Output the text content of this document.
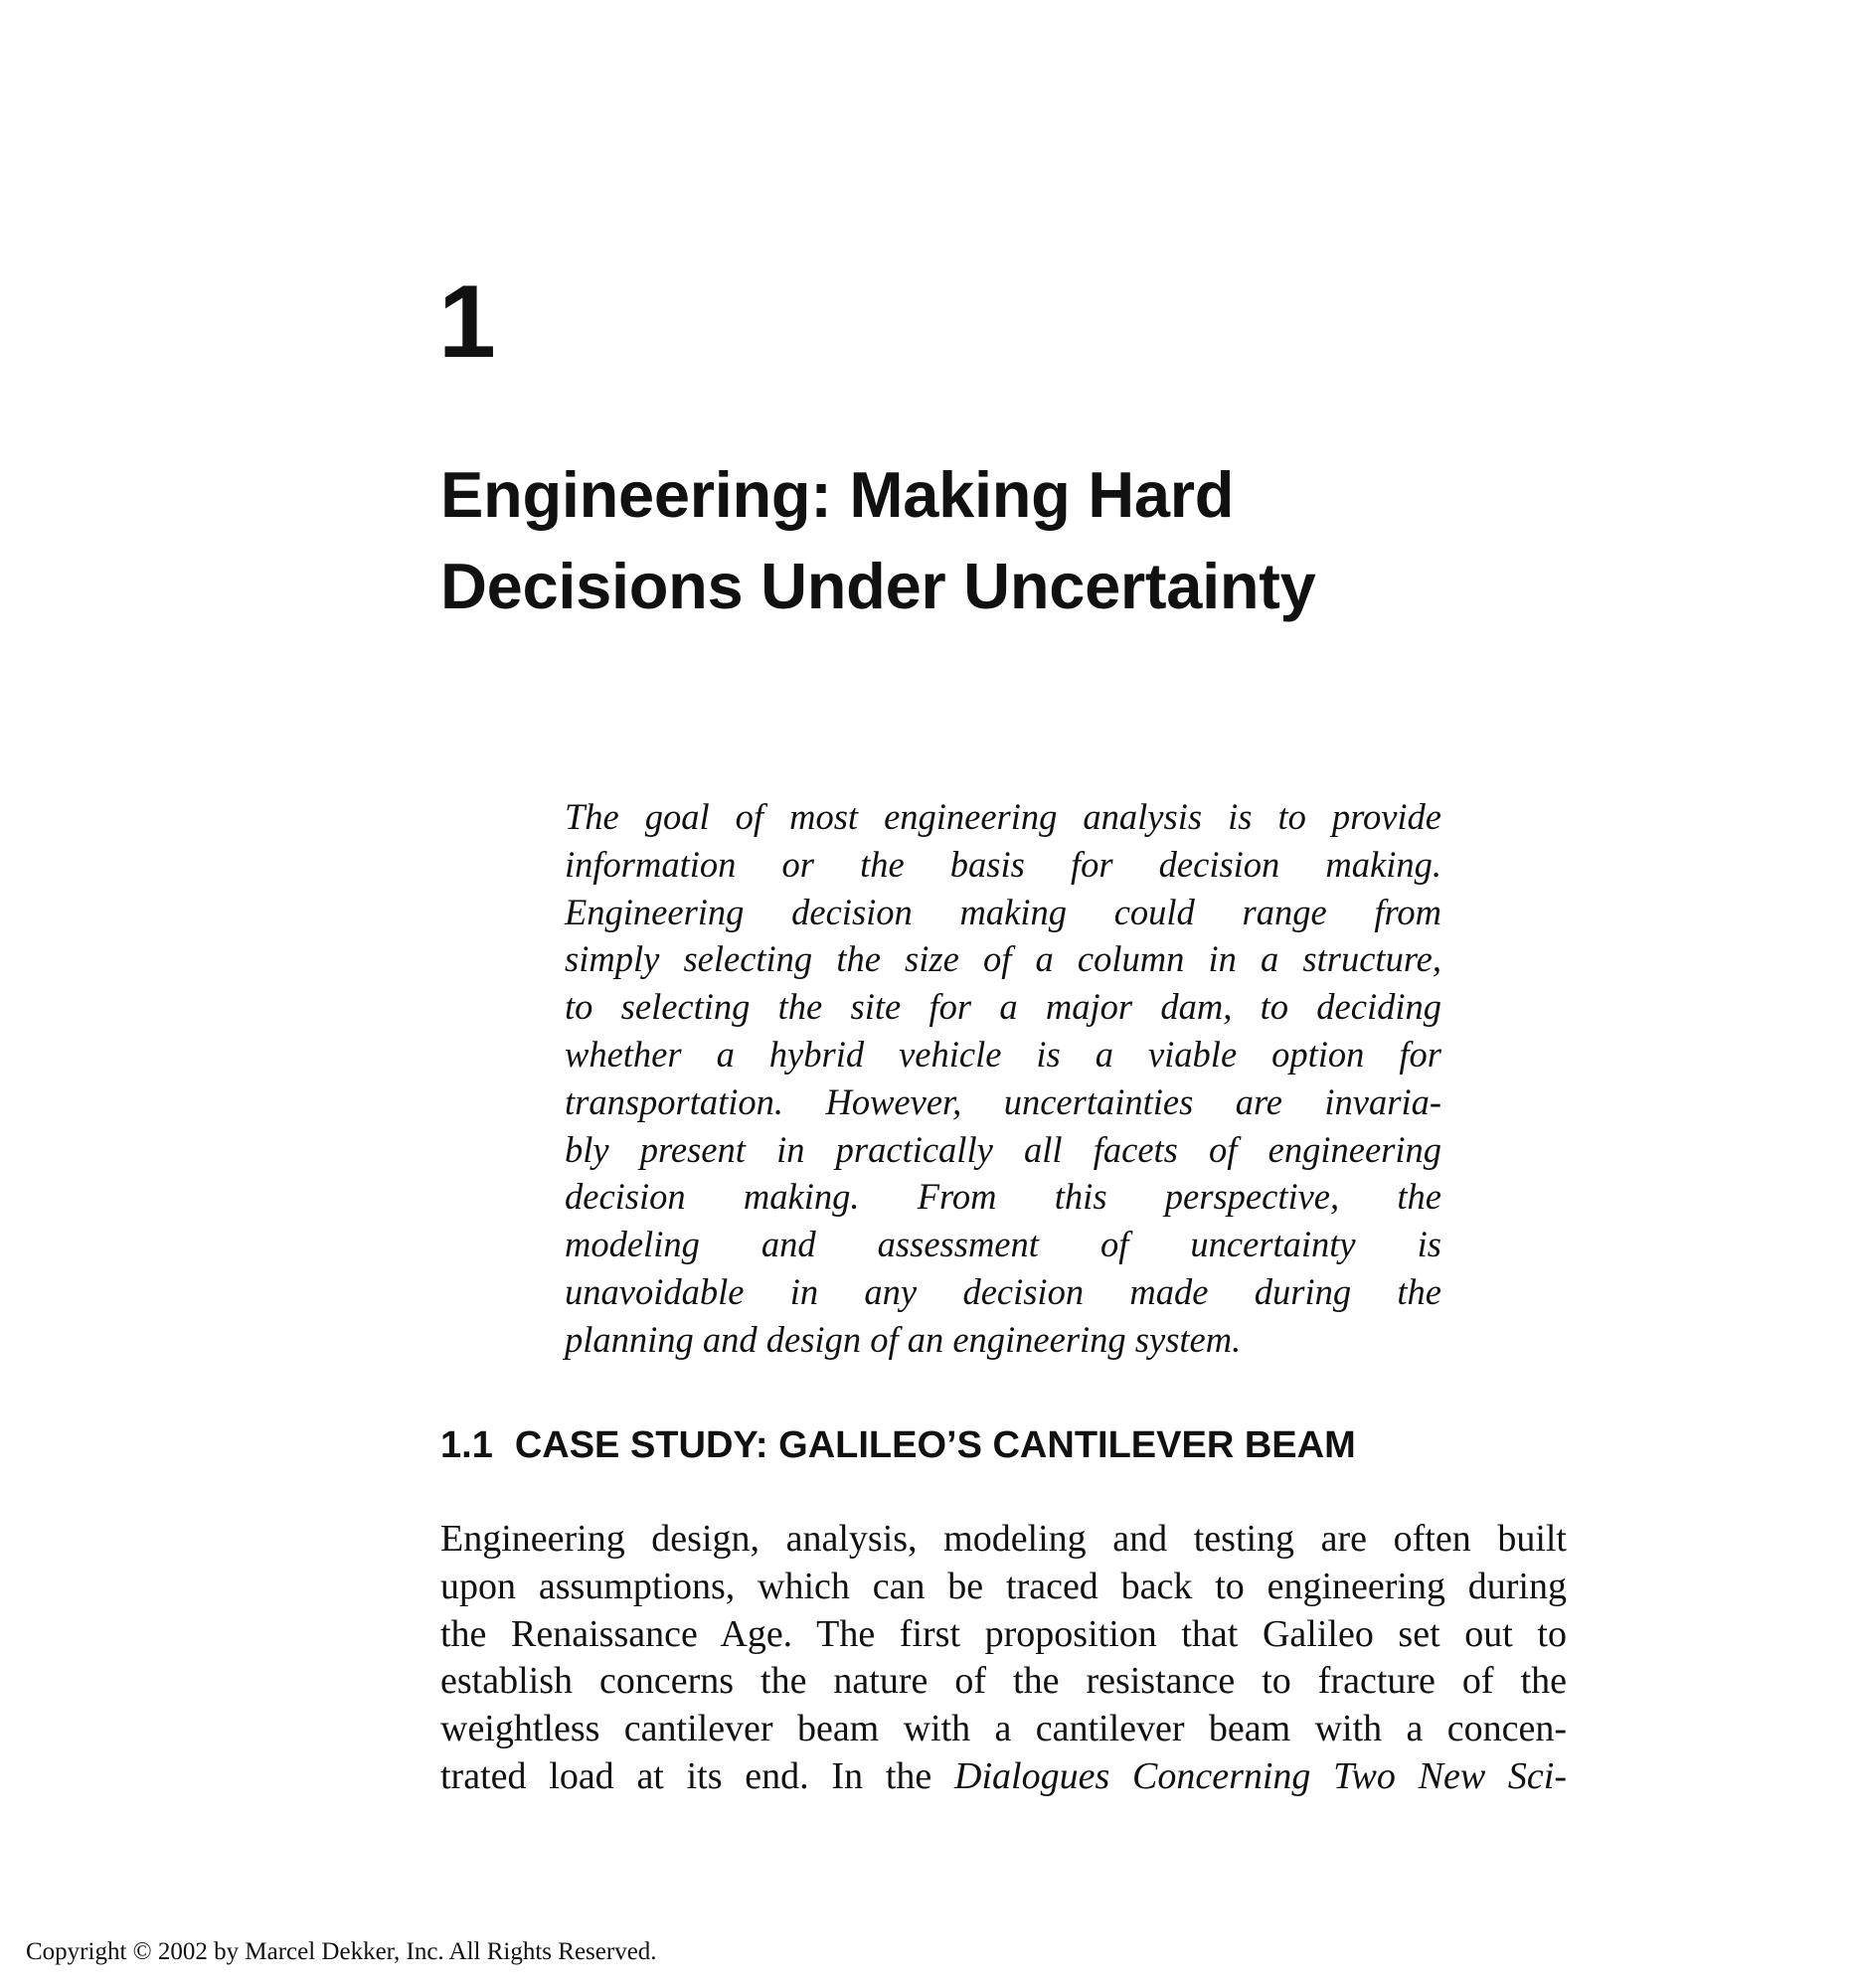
1
Engineering: Making Hard
Decisions Under Uncertainty
The goal of most engineering analysis is to provide
information or the basis for decision making.
Engineering decision making could range from
simply selecting the size of a column in a structure,
to selecting the site for a major dam, to deciding
whether a hybrid vehicle is a viable option for
transportation. However, uncertainties are invaria-
bly present in practically all facets of engineering
decision making. From this perspective, the
modeling and assessment of uncertainty is
unavoidable in any decision made during the
planning and design of an engineering system.
1.1 CASE STUDY: GALILEO’S CANTILEVER BEAM
Engineering design, analysis, modeling and testing are often built
upon assumptions, which can be traced back to engineering during
the Renaissance Age. The first proposition that Galileo set out to
establish concerns the nature of the resistance to fracture of the
weightless cantilever beam with a cantilever beam with a concen-
trated load at its end. In the Dialogues Concerning Two New Sci-
Copyright © 2002 by Marcel Dekker, Inc. All Rights Reserved.
